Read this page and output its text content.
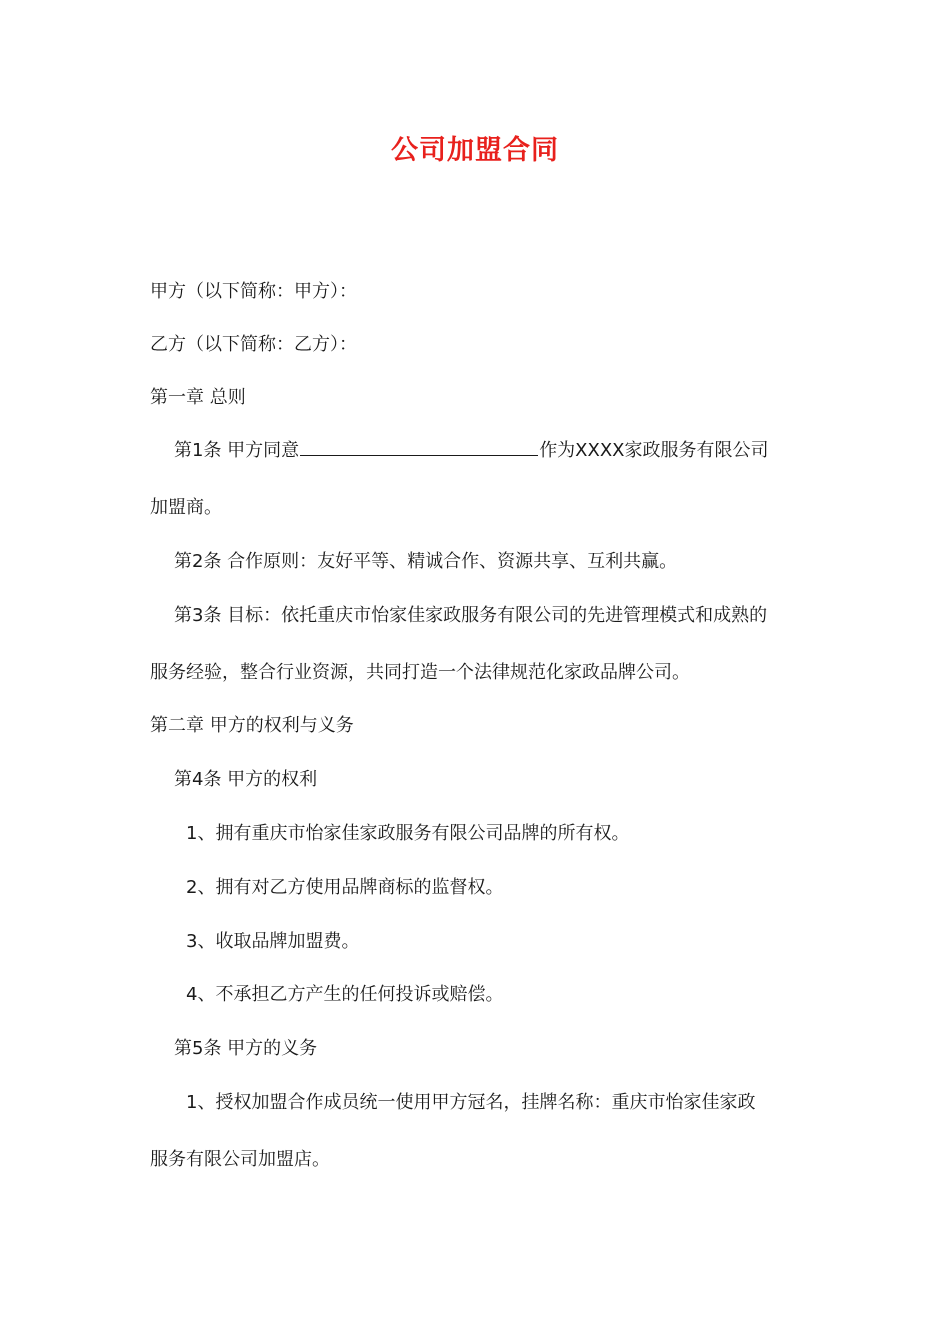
公司加盟合同
甲方（以下简称：甲方）：
乙方（以下简称：乙方）：
第一章 总则
第1条 甲方同意	作为XXXX家政服务有限公司
加盟商。
第2条 合作原则：友好平等、精诚合作、资源共享、互利共赢。
第3条 目标：依托重庆市怡家佳家政服务有限公司的先进管理模式和成熟的
服务经验，整合行业资源，共同打造一个法律规范化家政品牌公司。
第二章 甲方的权利与义务
第4条 甲方的权利
1、拥有重庆市怡家佳家政服务有限公司品牌的所有权。
2、拥有对乙方使用品牌商标的监督权。
3、收取品牌加盟费。
4、不承担乙方产生的任何投诉或赔偿。
第5条 甲方的义务
1、授权加盟合作成员统一使用甲方冠名，挂牌名称：重庆市怡家佳家政
服务有限公司加盟店。
